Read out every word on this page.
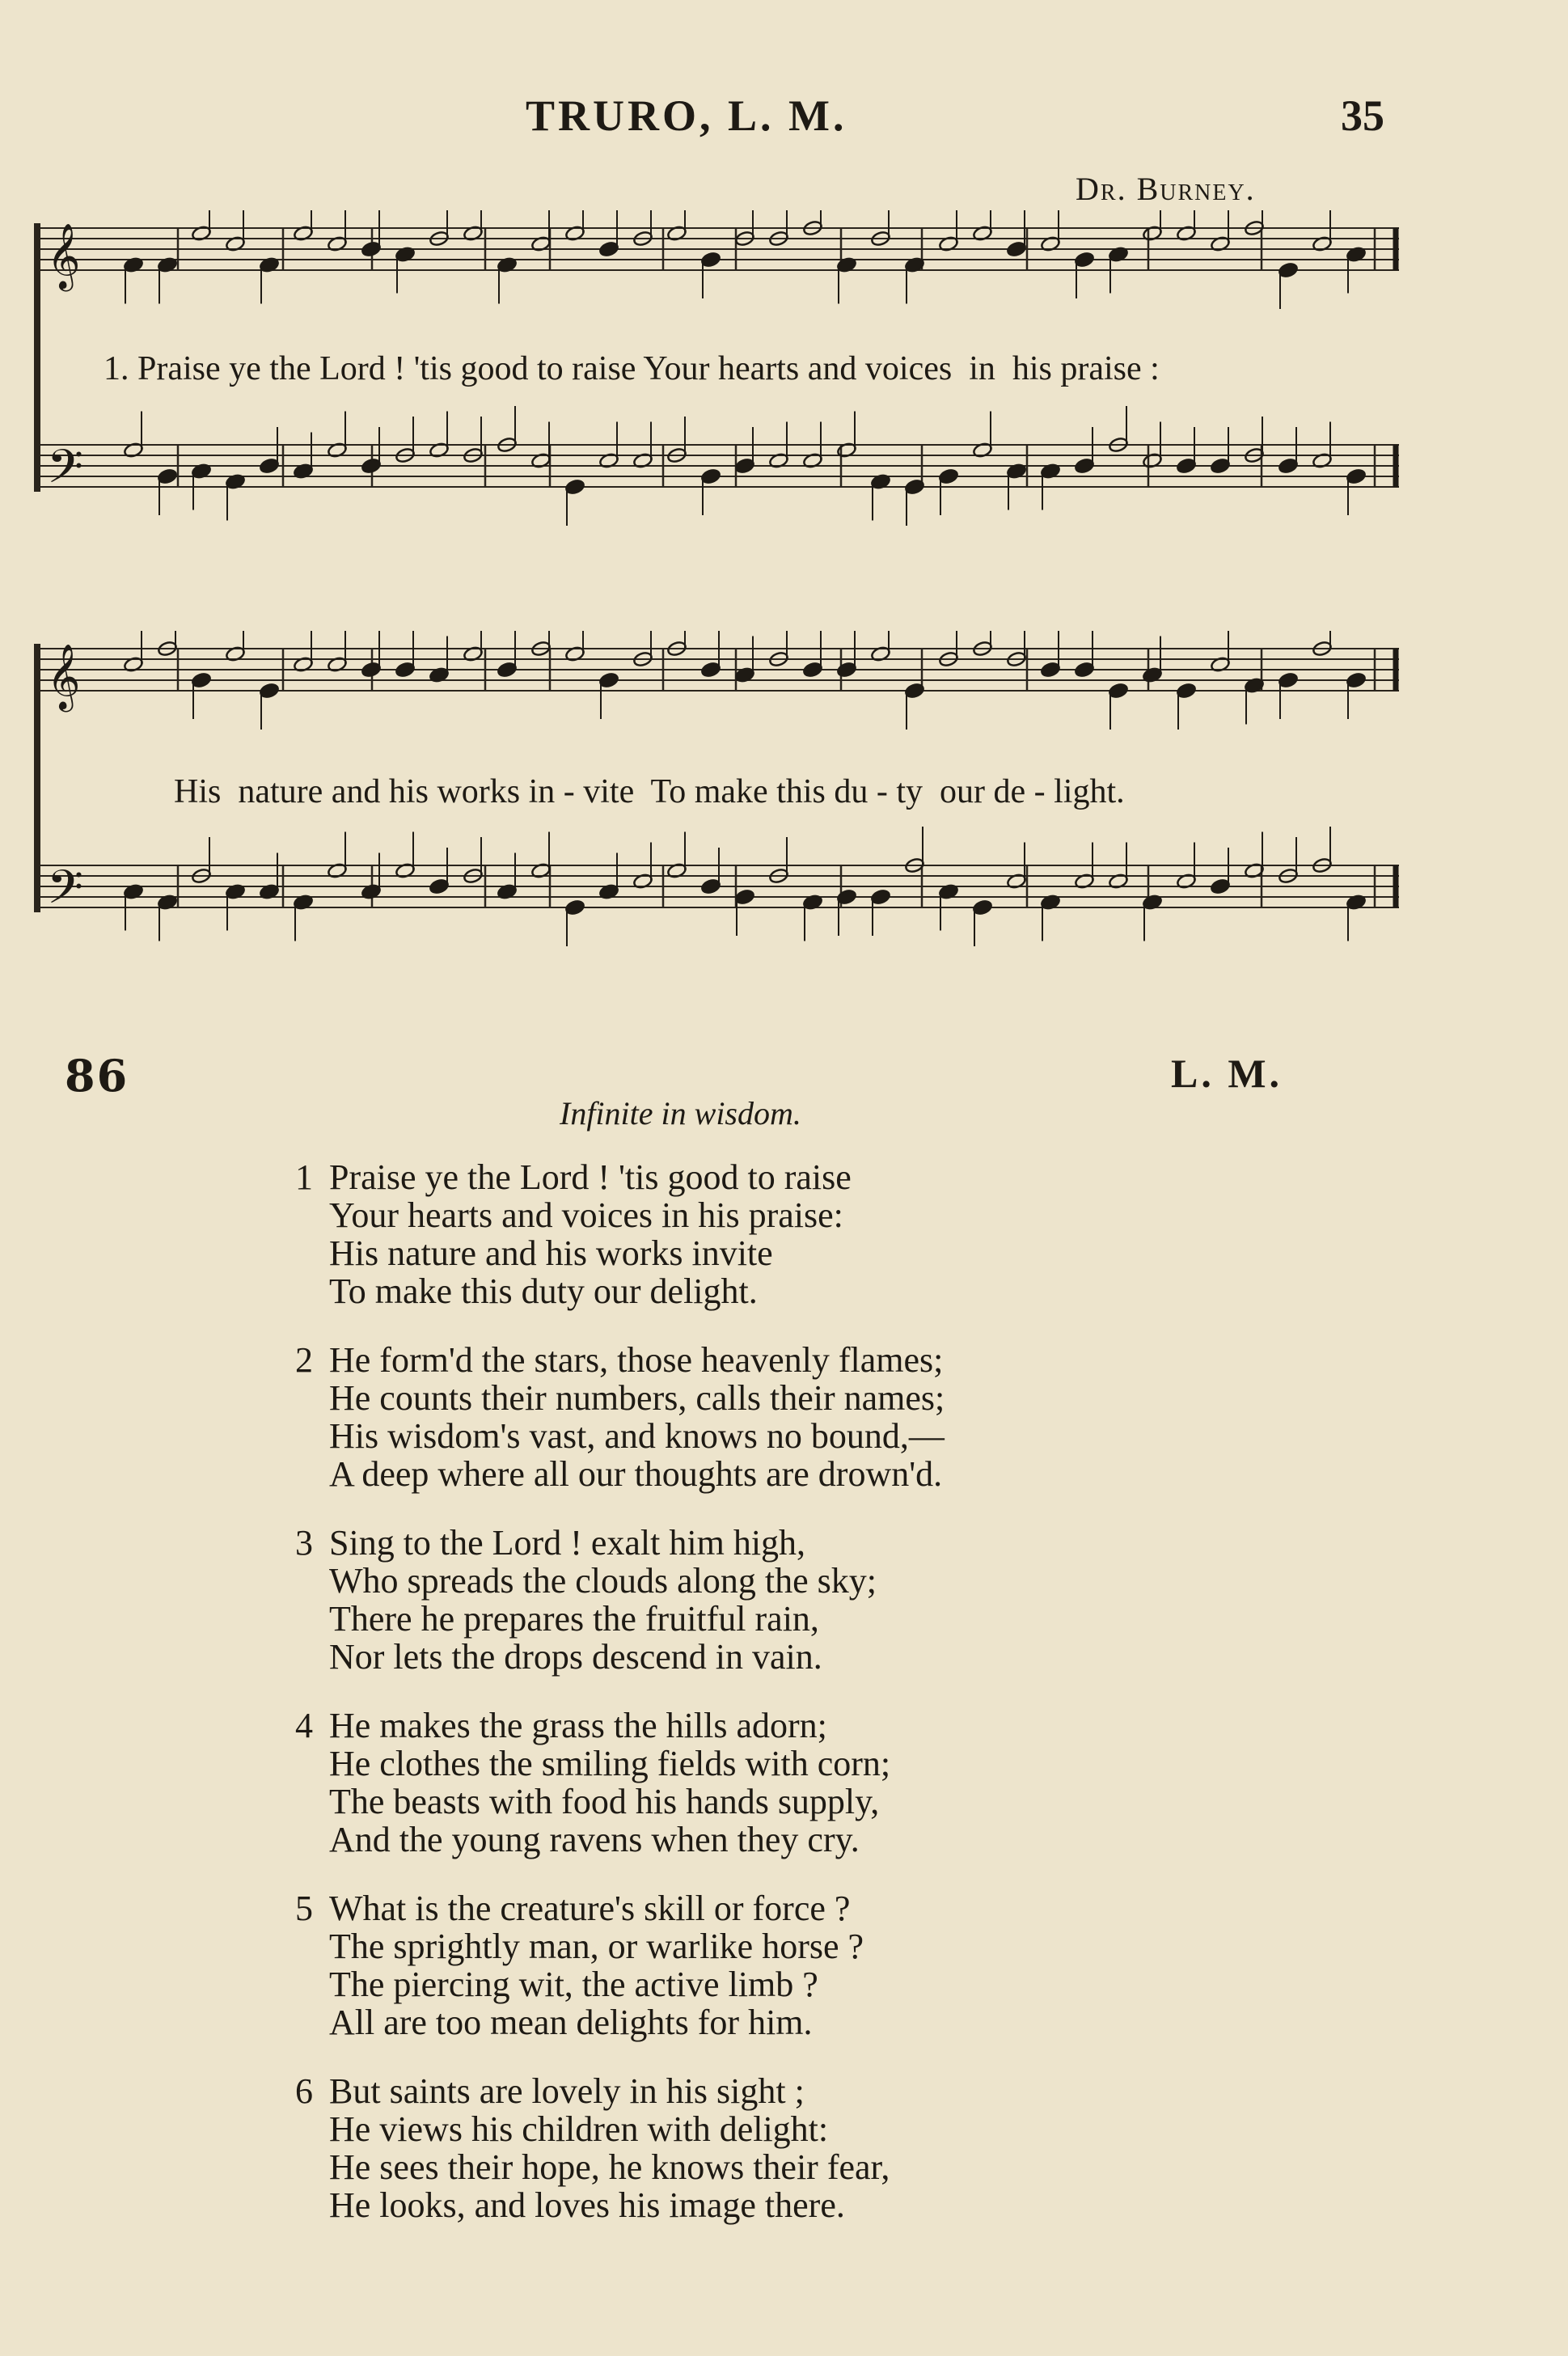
TRURO, L. M.	35
Dr. Burney.
𝄞
𝄢
1. Praise ye the Lord ! 'tis good to raise Your hearts and voices  in  his praise :
𝄞
𝄢
His  nature and his works in - vite  To make this du - ty  our de - light.
86	L. M.
Infinite in wisdom.
1 Praise ye the Lord ! 'tis good to raise
Your hearts and voices in his praise:
His nature and his works invite
To make this duty our delight.
2 He form'd the stars, those heavenly flames;
He counts their numbers, calls their names;
His wisdom's vast, and knows no bound,—
A deep where all our thoughts are drown'd.
3 Sing to the Lord ! exalt him high,
Who spreads the clouds along the sky;
There he prepares the fruitful rain,
Nor lets the drops descend in vain.
4 He makes the grass the hills adorn;
He clothes the smiling fields with corn;
The beasts with food his hands supply,
And the young ravens when they cry.
5 What is the creature's skill or force ?
The sprightly man, or warlike horse ?
The piercing wit, the active limb ?
All are too mean delights for him.
6 But saints are lovely in his sight ;
He views his children with delight:
He sees their hope, he knows their fear,
He looks, and loves his image there.
